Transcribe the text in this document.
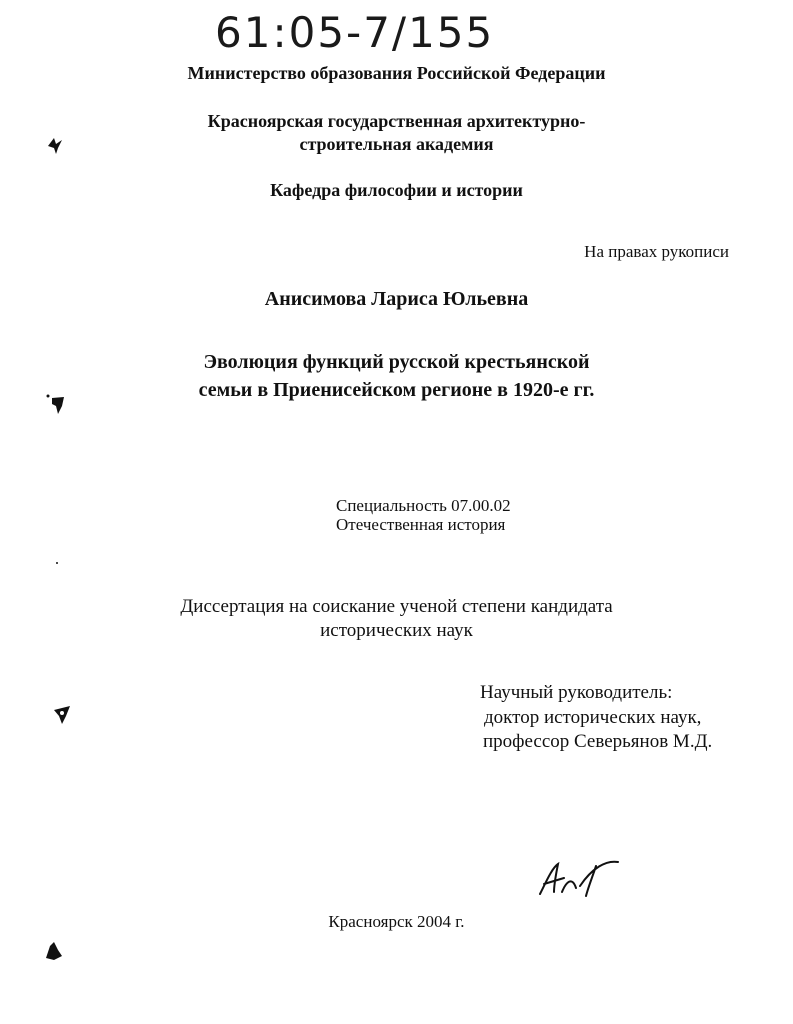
61:05-7/155
Министерство образования Российской Федерации
Красноярская государственная архитектурно-
строительная академия
Кафедра философии и истории
На правах рукописи
Анисимова Лариса Юльевна
Эволюция функций русской крестьянской
семьи в Приенисейском регионе в 1920-е гг.
Специальность 07.00.02
Отечественная история
Диссертация на соискание ученой степени кандидата
исторических наук
Научный руководитель:
доктор исторических наук,
профессор Северьянов М.Д.
Красноярск 2004 г.
